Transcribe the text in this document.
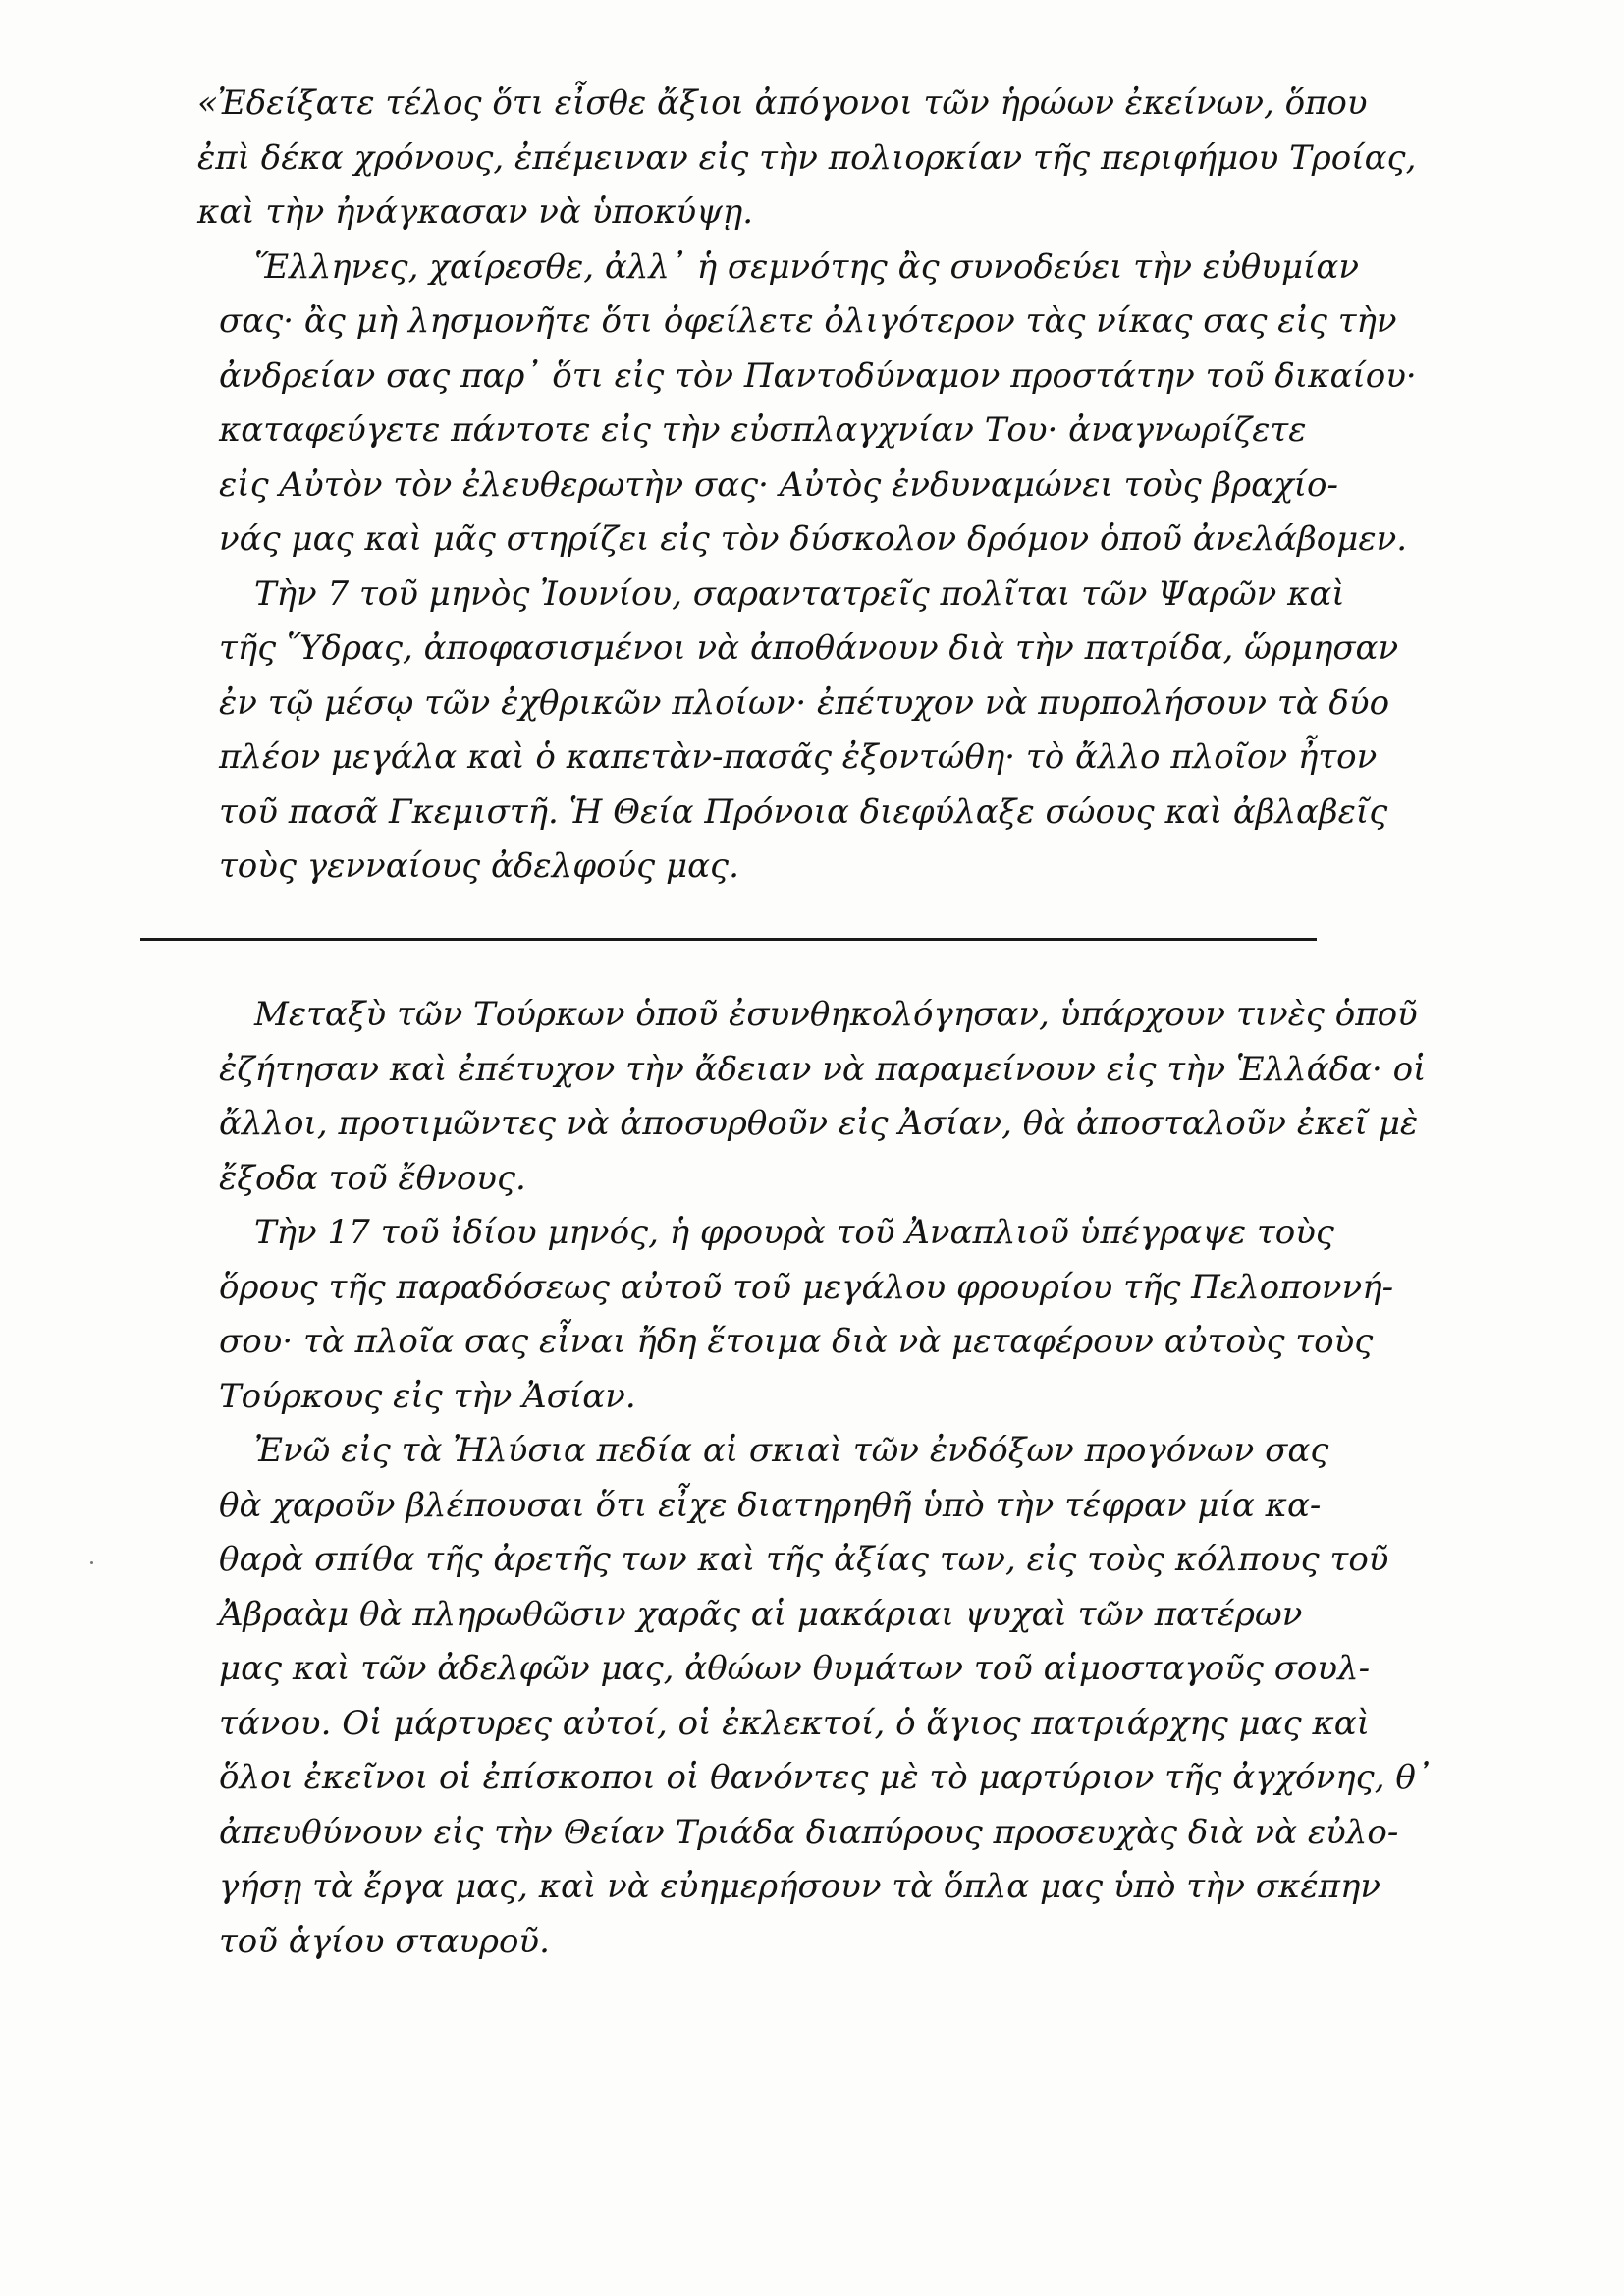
«Ἐδείξατε τέλος ὅτι εἶσθε ἄξιοι ἀπόγονοι τῶν ἡρώων ἐκείνων, ὅπου
ἐπὶ δέκα χρόνους, ἐπέμειναν εἰς τὴν πολιορκίαν τῆς περιφήμου Τροίας,
καὶ τὴν ἠνάγκασαν νὰ ὑποκύψῃ.

Ἕλληνες, χαίρεσθε, ἀλλ᾽ ἡ σεμνότης ἂς συνοδεύει τὴν εὐθυμίαν
σας· ἂς μὴ λησμονῆτε ὅτι ὀφείλετε ὀλιγότερον τὰς νίκας σας εἰς τὴν
ἀνδρείαν σας παρ᾽ ὅτι εἰς τὸν Παντοδύναμον προστάτην τοῦ δικαίου·
καταφεύγετε πάντοτε εἰς τὴν εὐσπλαγχνίαν Του· ἀναγνωρίζετε
εἰς Αὐτὸν τὸν ἐλευθερωτὴν σας· Αὐτὸς ἐνδυναμώνει τοὺς βραχίο-
νάς μας καὶ μᾶς στηρίζει εἰς τὸν δύσκολον δρόμον ὁποῦ ἀνελάβομεν.

Τὴν 7 τοῦ μηνὸς Ἰουνίου, σαραντατρεῖς πολῖται τῶν Ψαρῶν καὶ
τῆς Ὕδρας, ἀποφασισμένοι νὰ ἀποθάνουν διὰ τὴν πατρίδα, ὥρμησαν
ἐν τῷ μέσῳ τῶν ἐχθρικῶν πλοίων· ἐπέτυχον νὰ πυρπολήσουν τὰ δύο
πλέον μεγάλα καὶ ὁ καπετὰν-πασᾶς ἐξοντώθη· τὸ ἄλλο πλοῖον ἦτον
τοῦ πασᾶ Γκεμιστῆ. Ἡ Θεία Πρόνοια διεφύλαξε σώους καὶ ἀβλαβεῖς
τοὺς γενναίους ἀδελφούς μας.

Μεταξὺ τῶν Τούρκων ὁποῦ ἐσυνθηκολόγησαν, ὑπάρχουν τινὲς ὁποῦ
ἐζήτησαν καὶ ἐπέτυχον τὴν ἄδειαν νὰ παραμείνουν εἰς τὴν Ἑλλάδα· οἱ
ἄλλοι, προτιμῶντες νὰ ἀποσυρθοῦν εἰς Ἀσίαν, θὰ ἀποσταλοῦν ἐκεῖ μὲ
ἔξοδα τοῦ ἔθνους.

Τὴν 17 τοῦ ἰδίου μηνός, ἡ φρουρὰ τοῦ Ἀναπλιοῦ ὑπέγραψε τοὺς
ὅρους τῆς παραδόσεως αὐτοῦ τοῦ μεγάλου φρουρίου τῆς Πελοποννή-
σου· τὰ πλοῖα σας εἶναι ἤδη ἕτοιμα διὰ νὰ μεταφέρουν αὐτοὺς τοὺς
Τούρκους εἰς τὴν Ἀσίαν.

Ἐνῶ εἰς τὰ Ἠλύσια πεδία αἱ σκιαὶ τῶν ἐνδόξων προγόνων σας
θὰ χαροῦν βλέπουσαι ὅτι εἶχε διατηρηθῆ ὑπὸ τὴν τέφραν μία κα-
θαρὰ σπίθα τῆς ἀρετῆς των καὶ τῆς ἀξίας των, εἰς τοὺς κόλπους τοῦ
Ἀβραὰμ θὰ πληρωθῶσιν χαρᾶς αἱ μακάριαι ψυχαὶ τῶν πατέρων
μας καὶ τῶν ἀδελφῶν μας, ἀθώων θυμάτων τοῦ αἱμοσταγοῦς σουλ-
τάνου. Οἱ μάρτυρες αὐτοί, οἱ ἐκλεκτοί, ὁ ἅγιος πατριάρχης μας καὶ
ὅλοι ἐκεῖνοι οἱ ἐπίσκοποι οἱ θανόντες μὲ τὸ μαρτύριον τῆς ἀγχόνης, θ᾽
ἀπευθύνουν εἰς τὴν Θείαν Τριάδα διαπύρους προσευχὰς διὰ νὰ εὐλο-
γήσῃ τὰ ἔργα μας, καὶ νὰ εὐημερήσουν τὰ ὅπλα μας ὑπὸ τὴν σκέπην
τοῦ ἁγίου σταυροῦ.
